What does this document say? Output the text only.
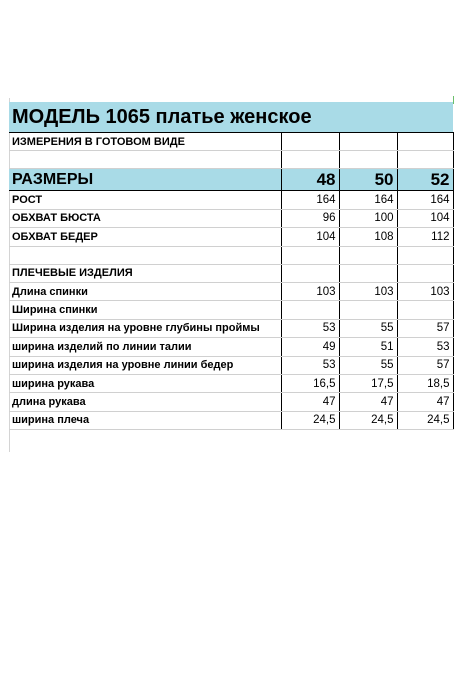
МОДЕЛЬ 1065 платье женское			
ИЗМЕРЕНИЯ В ГОТОВОМ ВИДЕ			

РАЗМЕРЫ	48	50	52
РОСТ	164	164	164
ОБХВАТ БЮСТА	96	100	104
ОБХВАТ БЕДЕР	104	108	112

ПЛЕЧЕВЫЕ ИЗДЕЛИЯ			
Длина спинки	103	103	103
Ширина спинки			
Ширина изделия на уровне глубины проймы	53	55	57
ширина изделий по линии талии	49	51	53
ширина изделия на уровне линии бедер	53	55	57
ширина рукава	16,5	17,5	18,5
длина рукава	47	47	47
ширина плеча	24,5	24,5	24,5
